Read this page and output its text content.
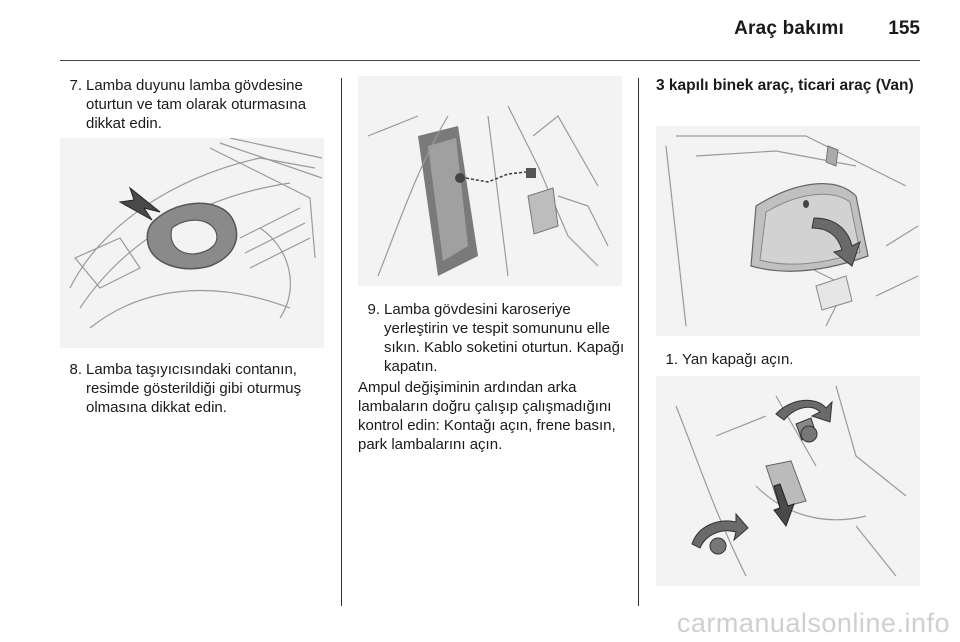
Araç bakımı	155
7. Lamba duyunu lamba gövdesine oturtun ve tam olarak oturmasına dikkat edin.
8. Lamba taşıyıcısındaki contanın, resimde gösterildiği gibi oturmuş olmasına dikkat edin.
9. Lamba gövdesini karoseriye yerleştirin ve tespit somununu elle sıkın. Kablo soketini oturtun. Kapağı kapatın.
Ampul değişiminin ardından arka lambaların doğru çalışıp çalışmadığını kontrol edin: Kontağı açın, frene basın, park lambalarını açın.
3 kapılı binek araç, ticari araç (Van)
1. Yan kapağı açın.
carmanualsonline.info
